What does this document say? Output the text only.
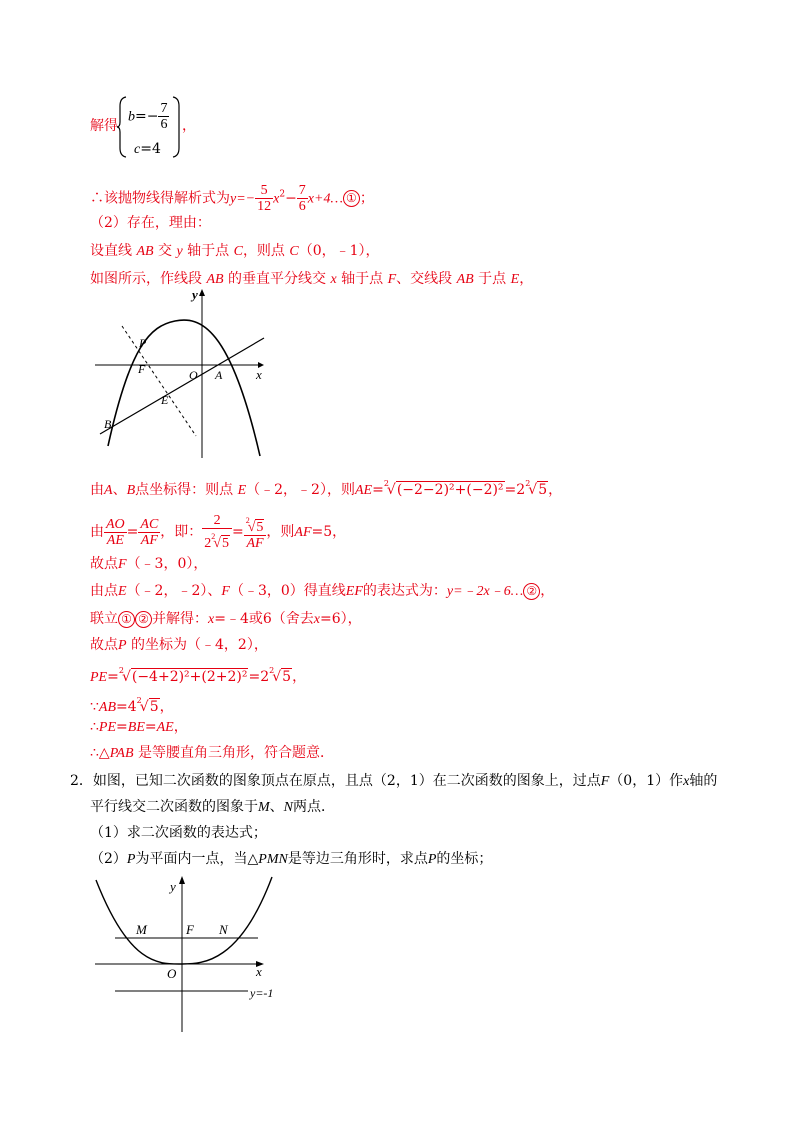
解得
$b=- \frac{7}{6}$
c=4
，
∴该抛物线得解析式为$y=- \frac{5}{12} x^2- \frac{7}{6}$ x+4… ① ；
（2）存在，理由：
设直线 AB 交 y 轴于点 C，则点 C（0，﹣1），
如图所示，作线段 AB 的垂直平分线交 x 轴于点 F、交线段 AB 于点 E，
y
x
P
F	O A
E
B
由A、B点坐标得：则点 E（﹣2，﹣2），则$AE=^2√(-2-2)^2+(-2)^2=2^2√5$，
由 $\frac{AO}{AE} = \frac{AC}{AF}$ ，即： $\frac{2}{2^2√5} = \frac{^2√5}{AF}$ ，则AF=5，
故点F（﹣3，0），
由点E（﹣2，﹣2）、F（﹣3，0）得直线EF的表达式为：y=﹣2x﹣6… ② ，
联立 ① ② 并解得：x=﹣4或6（舍去x=6），
故点P 的坐标为（﹣4，2），
$PE=^2√(-4+2)^2+(2+2)^2=2^2√5$，
$\because AB=4^2√5$，
∴PE=BE=AE，
∴△PAB 是等腰直角三角形，符合题意．
2．如图，已知二次函数的图象顶点在原点，且点（2，1）在二次函数的图象上，过点F（0，1）作x轴的
平行线交二次函数的图象于M、N两点．
（1）求二次函数的表达式；
（2）P为平面内一点，当△PMN是等边三角形时，求点P的坐标；
y
x
M	F N
O
y=-1
